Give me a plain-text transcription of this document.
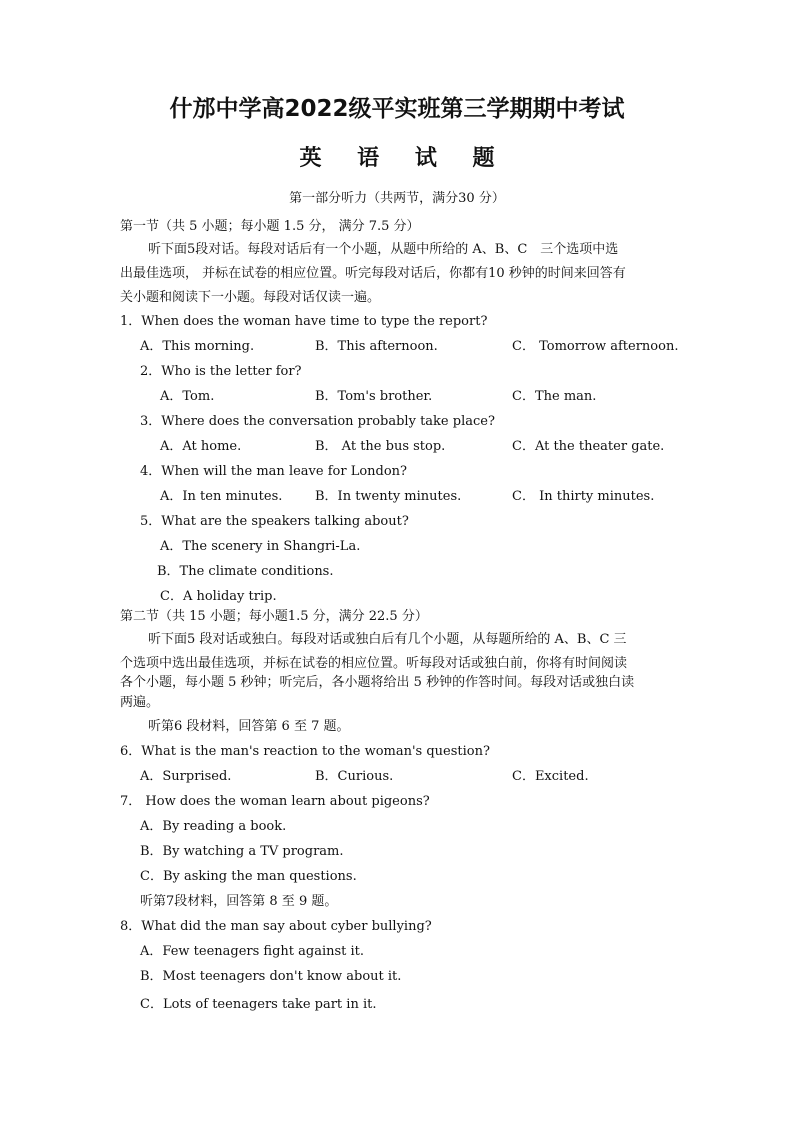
什邡中学高2022级平实班第三学期期中考试
英 语 试 题
第一部分听力（共两节，满分30 分）
第一节（共 5 小题；每小题 1.5 分， 满分 7.5 分）
听下面5段对话。每段对话后有一个小题，从题中所给的 A、B、C　三个选项中选
出最佳选项， 并标在试卷的相应位置。听完每段对话后，你都有10 秒钟的时间来回答有
关小题和阅读下一小题。每段对话仅读一遍。
1．When does the woman have time to type the report?
A．This morning.	B．This afternoon.	C． Tomorrow afternoon.
2．Who is the letter for?
A．Tom.	B．Tom's brother.	C．The man.
3．Where does the conversation probably take place?
A．At home.	B． At the bus stop.	C．At the theater gate.
4．When will the man leave for London?
A．In ten minutes.	B．In twenty minutes.	C． In thirty minutes.
5．What are the speakers talking about?
A．The scenery in Shangri-La.
B．The climate conditions.
C．A holiday trip.
第二节（共 15 小题；每小题1.5 分，满分 22.5 分）
听下面5 段对话或独白。每段对话或独白后有几个小题，从每题所给的 A、B、C 三
个选项中选出最佳选项，并标在试卷的相应位置。听每段对话或独白前，你将有时间阅读
各个小题，每小题 5 秒钟；听完后，各小题将给出 5 秒钟的作答时间。每段对话或独白读
两遍。
听第6 段材料，回答第 6 至 7 题。
6．What is the man's reaction to the woman's question?
A．Surprised.	B．Curious.	C．Excited.
7． How does the woman learn about pigeons?
A．By reading a book.
B．By watching a TV program.
C．By asking the man questions.
听第7段材料，回答第 8 至 9 题。
8．What did the man say about cyber bullying?
A．Few teenagers fight against it.
B．Most teenagers don't know about it.
C．Lots of teenagers take part in it.
